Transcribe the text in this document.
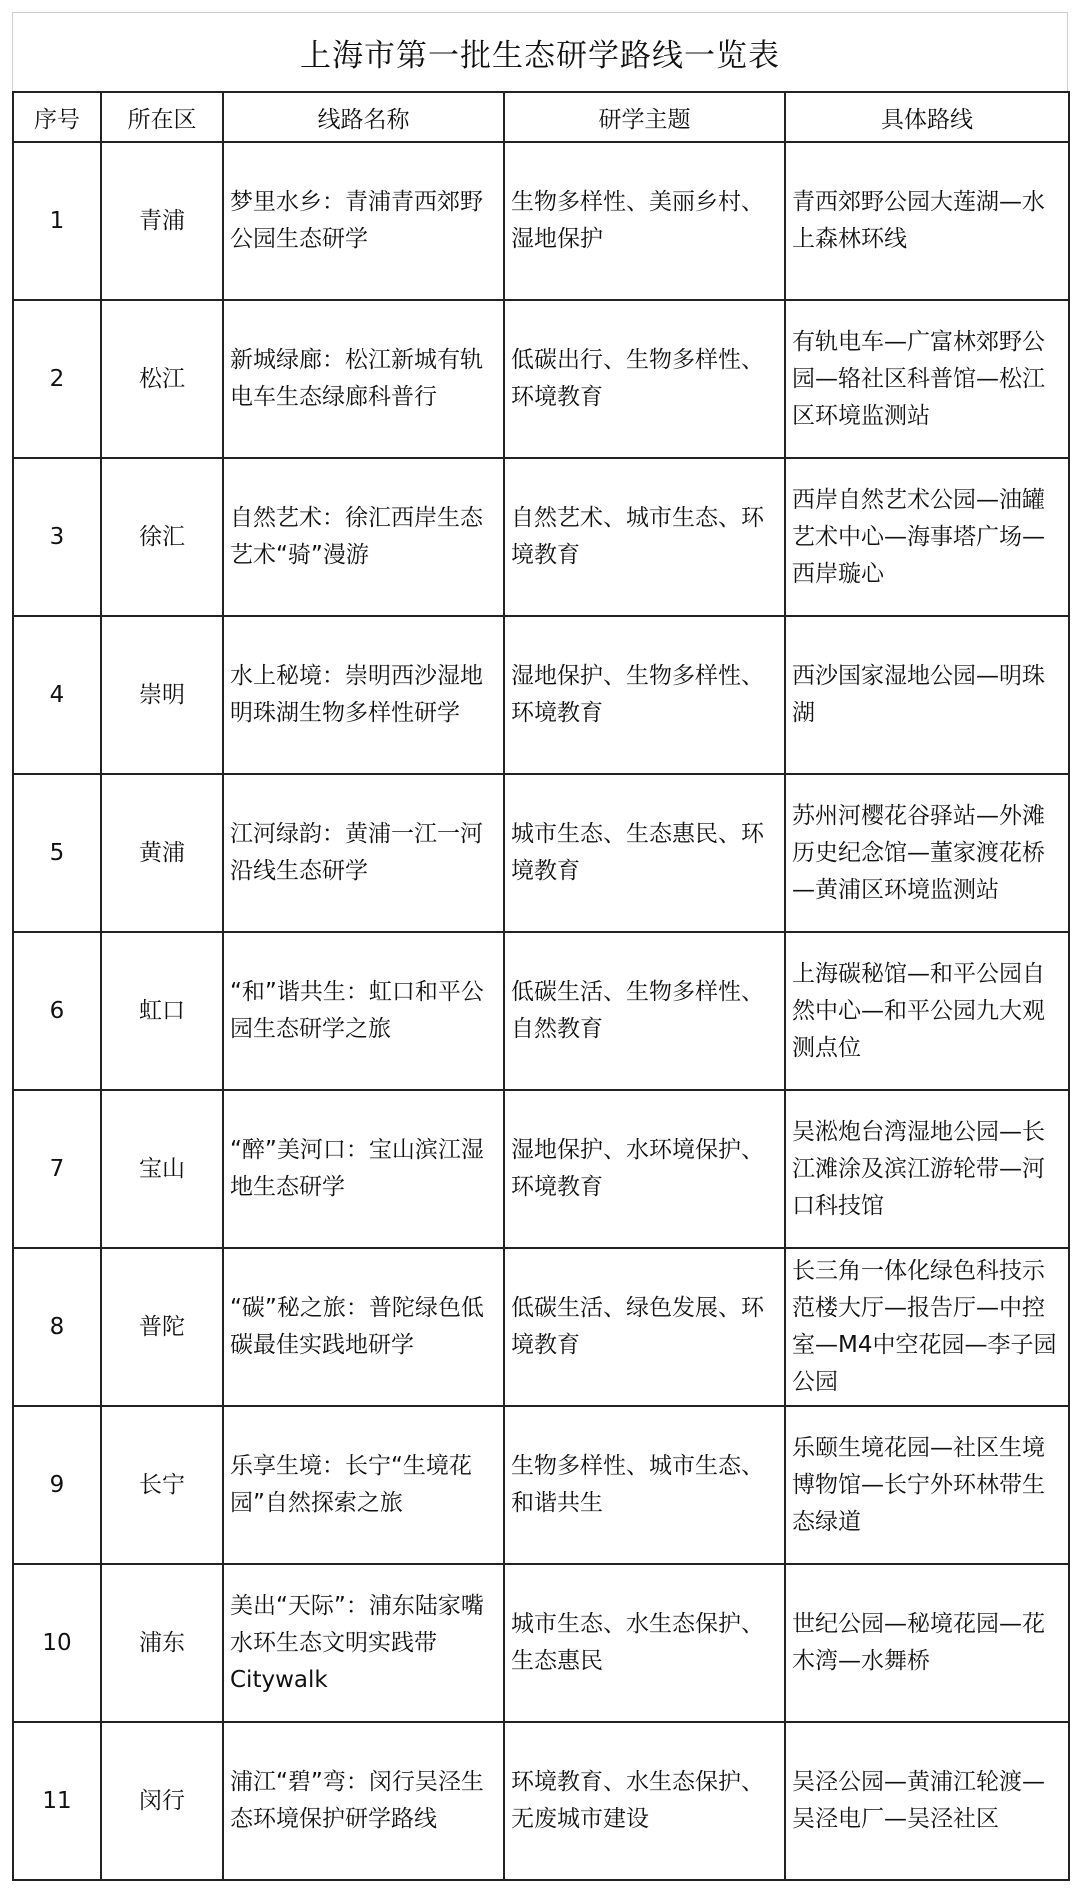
上海市第一批生态研学路线一览表
序号	所在区	线路名称	研学主题	具体路线
1	青浦	梦里水乡：青浦青西郊野公园生态研学	生物多样性、美丽乡村、湿地保护	青西郊野公园大莲湖—水上森林环线
2	松江	新城绿廊：松江新城有轨电车生态绿廊科普行	低碳出行、生物多样性、环境教育	有轨电车—广富林郊野公园—辂社区科普馆—松江区环境监测站
3	徐汇	自然艺术：徐汇西岸生态艺术“骑”漫游	自然艺术、城市生态、环境教育	西岸自然艺术公园—油罐艺术中心—海事塔广场—西岸璇心
4	崇明	水上秘境：崇明西沙湿地明珠湖生物多样性研学	湿地保护、生物多样性、环境教育	西沙国家湿地公园—明珠湖
5	黄浦	江河绿韵：黄浦一江一河沿线生态研学	城市生态、生态惠民、环境教育	苏州河樱花谷驿站—外滩历史纪念馆—董家渡花桥—黄浦区环境监测站
6	虹口	“和”谐共生：虹口和平公园生态研学之旅	低碳生活、生物多样性、自然教育	上海碳秘馆—和平公园自然中心—和平公园九大观测点位
7	宝山	“醉”美河口：宝山滨江湿地生态研学	湿地保护、水环境保护、环境教育	吴淞炮台湾湿地公园—长江滩涂及滨江游轮带—河口科技馆
8	普陀	“碳”秘之旅：普陀绿色低碳最佳实践地研学	低碳生活、绿色发展、环境教育	长三角一体化绿色科技示范楼大厅—报告厅—中控室—M4中空花园—李子园公园
9	长宁	乐享生境：长宁“生境花园”自然探索之旅	生物多样性、城市生态、和谐共生	乐颐生境花园—社区生境博物馆—长宁外环林带生态绿道
10	浦东	美出“天际”：浦东陆家嘴水环生态文明实践带Citywalk	城市生态、水生态保护、生态惠民	世纪公园—秘境花园—花木湾—水舞桥
11	闵行	浦江“碧”弯：闵行吴泾生态环境保护研学路线	环境教育、水生态保护、无废城市建设	吴泾公园—黄浦江轮渡—吴泾电厂—吴泾社区
